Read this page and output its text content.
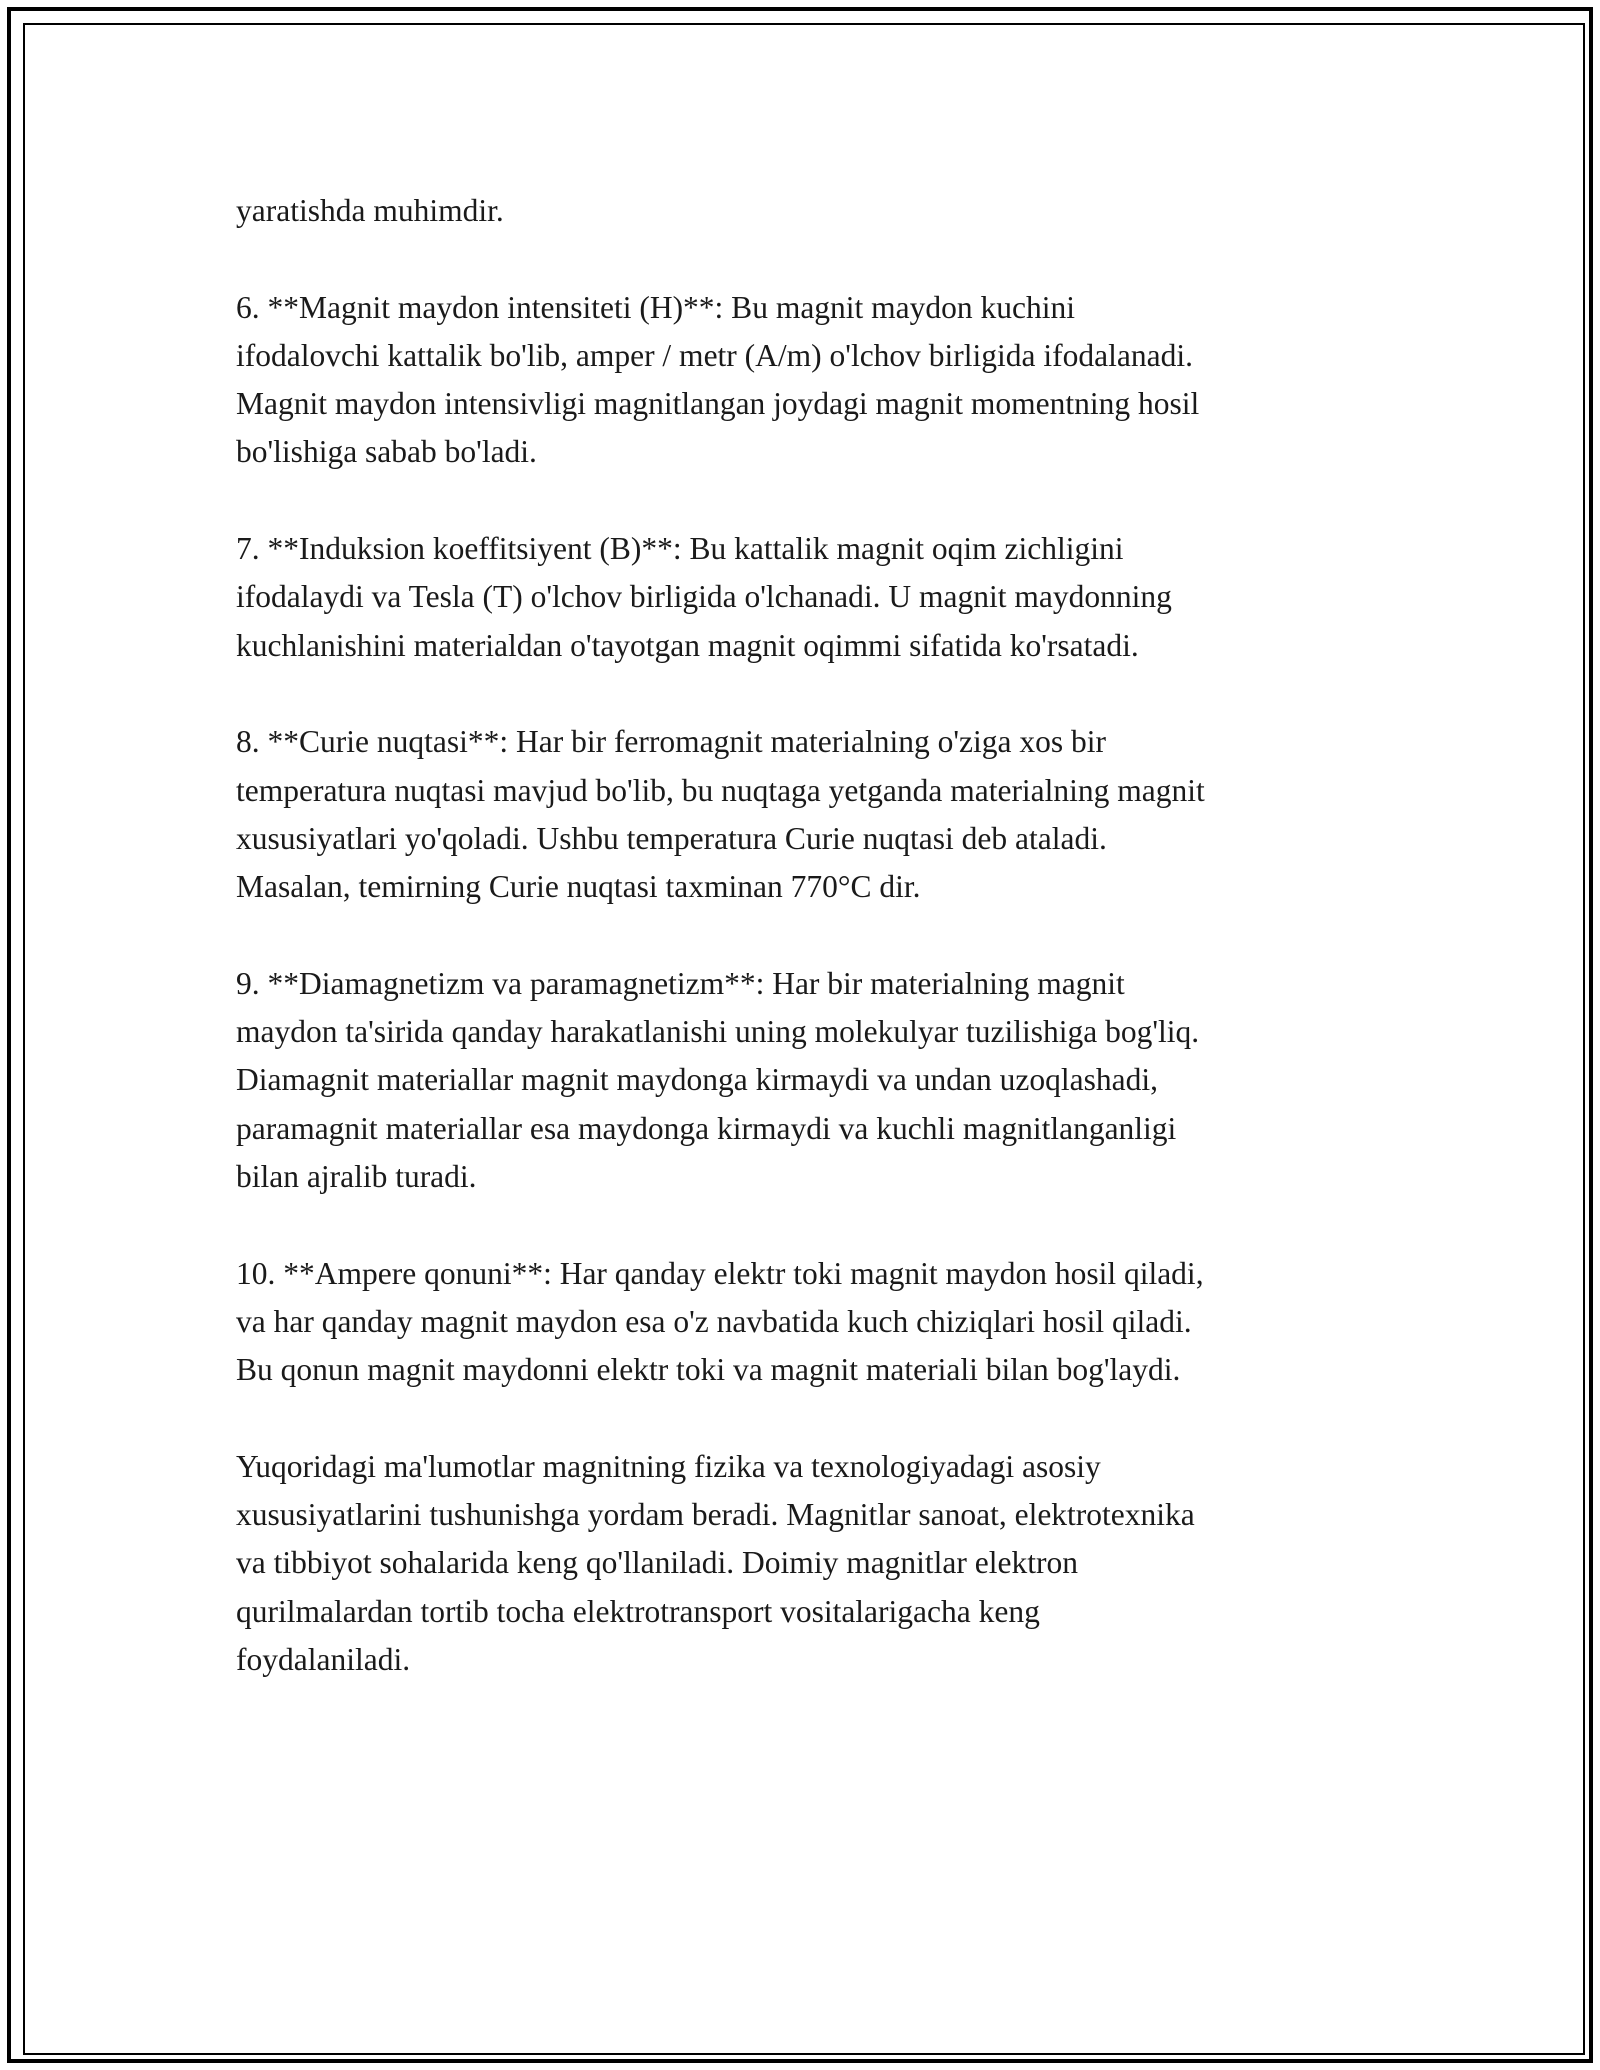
yaratishda muhimdir.

6. **Magnit maydon intensiteti (H)**: Bu magnit maydon kuchini
ifodalovchi kattalik bo'lib, amper / metr (A/m) o'lchov birligida ifodalanadi.
Magnit maydon intensivligi magnitlangan joydagi magnit momentning hosil
bo'lishiga sabab bo'ladi.

7. **Induksion koeffitsiyent (B)**: Bu kattalik magnit oqim zichligini
ifodalaydi va Tesla (T) o'lchov birligida o'lchanadi. U magnit maydonning
kuchlanishini materialdan o'tayotgan magnit oqimmi sifatida ko'rsatadi.

8. **Curie nuqtasi**: Har bir ferromagnit materialning o'ziga xos bir
temperatura nuqtasi mavjud bo'lib, bu nuqtaga yetganda materialning magnit
xususiyatlari yo'qoladi. Ushbu temperatura Curie nuqtasi deb ataladi.
Masalan, temirning Curie nuqtasi taxminan 770°C dir.

9. **Diamagnetizm va paramagnetizm**: Har bir materialning magnit
maydon ta'sirida qanday harakatlanishi uning molekulyar tuzilishiga bog'liq.
Diamagnit materiallar magnit maydonga kirmaydi va undan uzoqlashadi,
paramagnit materiallar esa maydonga kirmaydi va kuchli magnitlanganligi
bilan ajralib turadi.

10. **Ampere qonuni**: Har qanday elektr toki magnit maydon hosil qiladi,
va har qanday magnit maydon esa o'z navbatida kuch chiziqlari hosil qiladi.
Bu qonun magnit maydonni elektr toki va magnit materiali bilan bog'laydi.

Yuqoridagi ma'lumotlar magnitning fizika va texnologiyadagi asosiy
xususiyatlarini tushunishga yordam beradi. Magnitlar sanoat, elektrotexnika
va tibbiyot sohalarida keng qo'llaniladi. Doimiy magnitlar elektron
qurilmalardan tortib tocha elektrotransport vositalarigacha keng
foydalaniladi.
